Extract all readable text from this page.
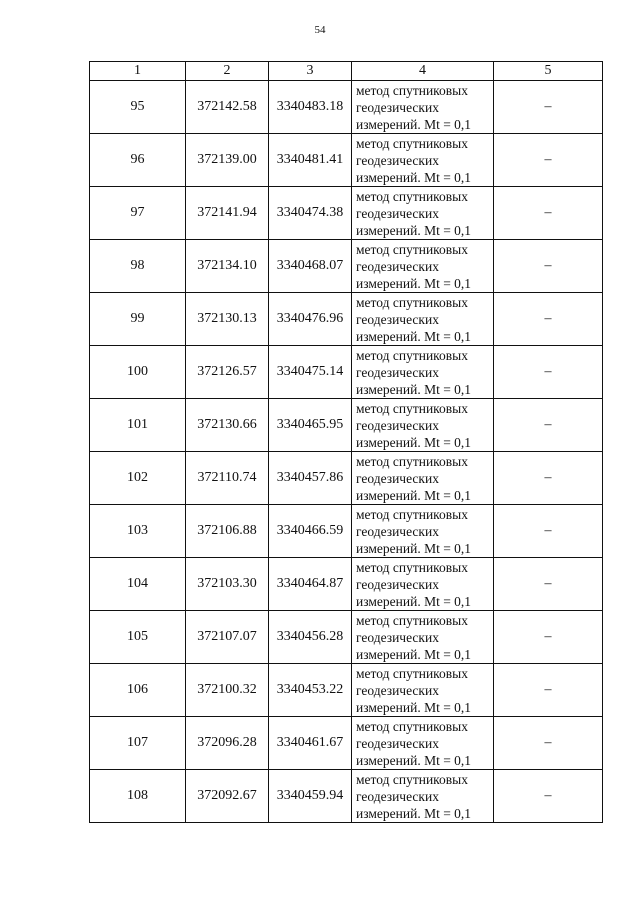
54
1	2	3	4	5
95	372142.58	3340483.18	метод спутниковых
геодезических
измерений. Mt = 0,1	–
96	372139.00	3340481.41	метод спутниковых
геодезических
измерений. Mt = 0,1	–
97	372141.94	3340474.38	метод спутниковых
геодезических
измерений. Mt = 0,1	–
98	372134.10	3340468.07	метод спутниковых
геодезических
измерений. Mt = 0,1	–
99	372130.13	3340476.96	метод спутниковых
геодезических
измерений. Mt = 0,1	–
100	372126.57	3340475.14	метод спутниковых
геодезических
измерений. Mt = 0,1	–
101	372130.66	3340465.95	метод спутниковых
геодезических
измерений. Mt = 0,1	–
102	372110.74	3340457.86	метод спутниковых
геодезических
измерений. Mt = 0,1	–
103	372106.88	3340466.59	метод спутниковых
геодезических
измерений. Mt = 0,1	–
104	372103.30	3340464.87	метод спутниковых
геодезических
измерений. Mt = 0,1	–
105	372107.07	3340456.28	метод спутниковых
геодезических
измерений. Mt = 0,1	–
106	372100.32	3340453.22	метод спутниковых
геодезических
измерений. Mt = 0,1	–
107	372096.28	3340461.67	метод спутниковых
геодезических
измерений. Mt = 0,1	–
108	372092.67	3340459.94	метод спутниковых
геодезических
измерений. Mt = 0,1	–
